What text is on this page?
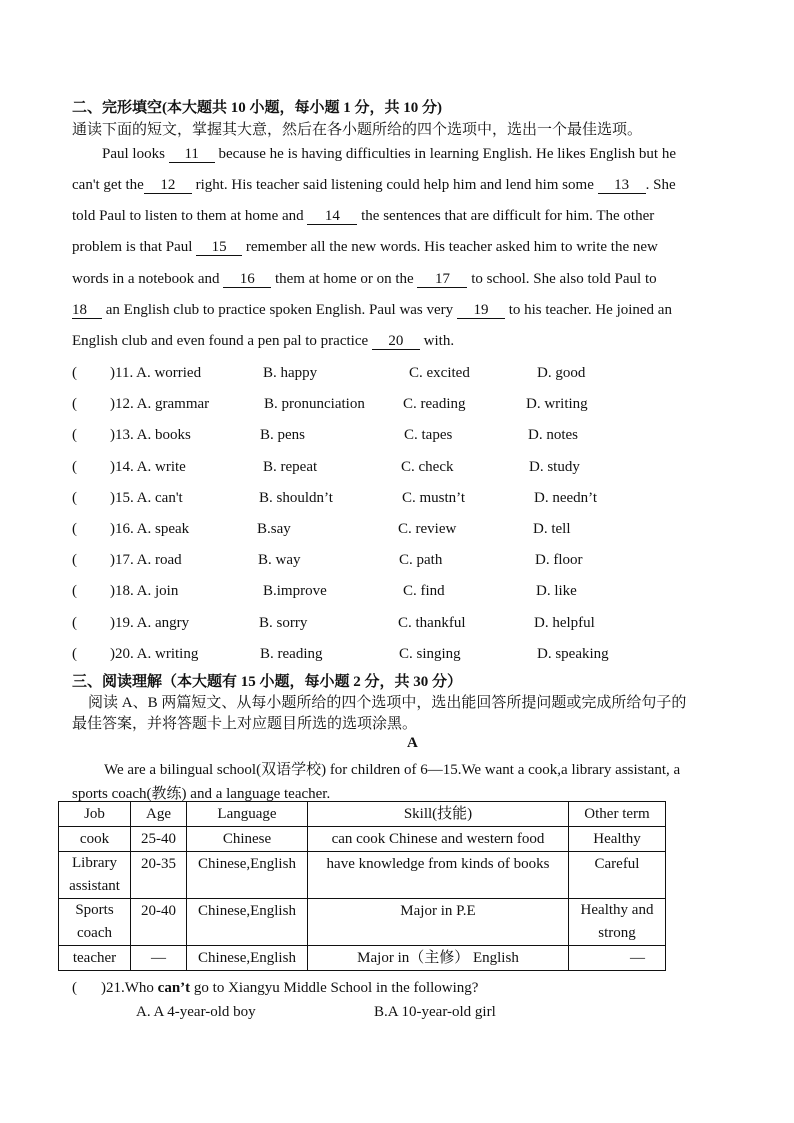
二、完形填空(本大题共 10 小题，每小题 1 分，共 10 分)
通读下面的短文，掌握其大意，然后在各小题所给的四个选项中，选出一个最佳选项。
Paul looks 11 because he is having difficulties in learning English. He likes English but he
can't get the 12 right. His teacher said listening could help him and lend him some 13 . She
told Paul to listen to them at home and 14 the sentences that are difficult for him. The other
problem is that Paul 15 remember all the new words. His teacher asked him to write the new
words in a notebook and 16 them at home or on the 17 to school. She also told Paul to
18 an English club to practice spoken English. Paul was very 19 to his teacher. He joined an
English club and even found a pen pal to practice 20 with.
( )11. A. worried	B. happy	C. excited	D. good
( )12. A. grammar	B. pronunciation	C. reading	D. writing
( )13. A. books	B. pens	C. tapes	D. notes
( )14. A. write	B. repeat	C. check	D. study
( )15. A. can't	B. shouldn’t	C. mustn’t	D. needn’t
( )16. A. speak	B.say	C. review	D. tell
( )17. A. road	B. way	C. path	D. floor
( )18. A. join	B.improve	C. find	D. like
( )19. A. angry	B. sorry	C. thankful	D. helpful
( )20. A. writing	B. reading	C. singing	D. speaking
三、阅读理解（本大题有 15 小题，每小题 2 分，共 30 分）
阅读 A、B 两篇短文、从每小题所给的四个选项中，选出能回答所提问题或完成所给句子的
最佳答案，并将答题卡上对应题目所选的选项涂黑。
A
We are a bilingual school(双语学校) for children of 6—15.We want a cook,a library assistant, a
sports coach(教练) and a language teacher.
Job	Age	Language	Skill(技能)	Other term
cook	25-40	Chinese	can cook Chinese and western food	Healthy
Library assistant	20-35	Chinese,English	have knowledge from kinds of books	Careful
Sports coach	20-40	Chinese,English	Major in P.E	Healthy and strong
teacher	—	Chinese,English	Major in（主修） English	—
( )21.Who can’t go to Xiangyu Middle School in the following?
A. A 4-year-old boy	B.A 10-year-old girl
